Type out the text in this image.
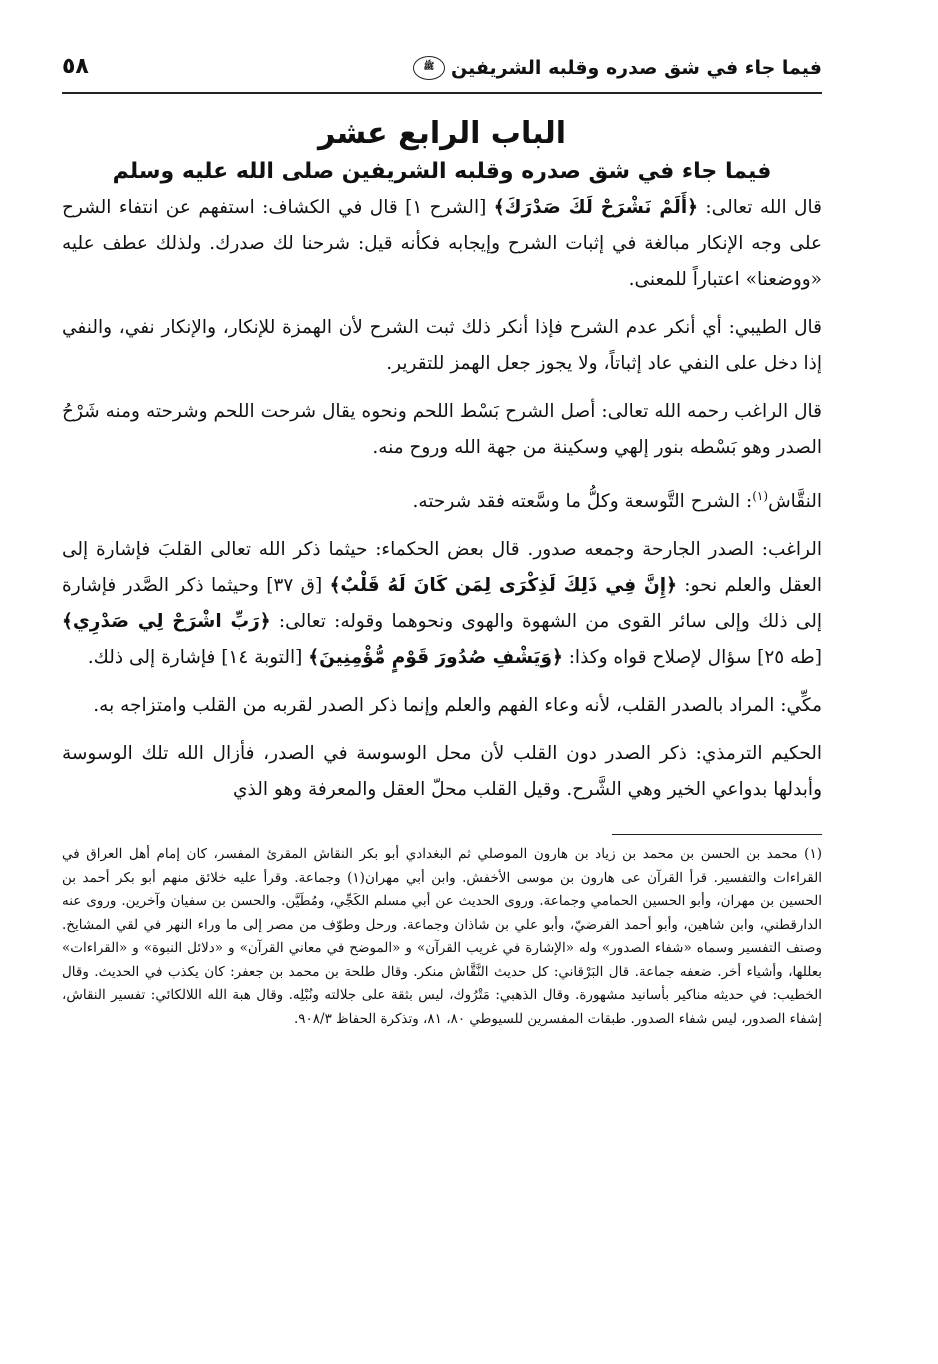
فيما جاء في شق صدره وقلبه الشريفين
ﷺ
٥٨
الباب الرابع عشر
فيما جاء في شق صدره وقلبه الشريفين صلى الله عليه وسلم

قال الله تعالى: ﴿أَلَمْ نَشْرَحْ لَكَ صَدْرَكَ﴾ [الشرح ١] قال في الكشاف: استفهم عن انتفاء الشرح على وجه الإنكار مبالغة في إثبات الشرح وإيجابه فكأنه قيل: شرحنا لك صدرك. ولذلك عطف عليه «ووضعنا» اعتباراً للمعنى.

قال الطيبي: أي أنكر عدم الشرح فإذا أنكر ذلك ثبت الشرح لأن الهمزة للإنكار، والإنكار نفي، والنفي إذا دخل على النفي عاد إثباتاً، ولا يجوز جعل الهمز للتقرير.

قال الراغب رحمه الله تعالى: أصل الشرح بَسْط اللحم ونحوه يقال شرحت اللحم وشرحته ومنه شَرْحُ الصدر وهو بَسْطه بنور إلهي وسكينة من جهة الله وروح منه.

النقَّاش$^{(١)}$: الشرح التَّوسعة وكلُّ ما وسَّعته فقد شرحته.

الراغب: الصدر الجارحة وجمعه صدور. قال بعض الحكماء: حيثما ذكر الله تعالى القلبَ فإشارة إلى العقل والعلم نحو: ﴿إِنَّ فِي ذَلِكَ لَذِكْرَى لِمَن كَانَ لَهُ قَلْبٌ﴾ [ق ٣٧] وحيثما ذكر الصَّدر فإشارة إلى ذلك وإلى سائر القوى من الشهوة والهوى ونحوهما وقوله: تعالى: ﴿رَبِّ اشْرَحْ لِي صَدْرِي﴾ [طه ٢٥] سؤال لإصلاح قواه وكذا: ﴿وَيَشْفِ صُدُورَ قَوْمٍ مُّؤْمِنِينَ﴾ [التوبة ١٤] فإشارة إلى ذلك.

مكِّي: المراد بالصدر القلب، لأنه وعاء الفهم والعلم وإنما ذكر الصدر لقربه من القلب وامتزاجه به.

الحكيم الترمذي: ذكر الصدر دون القلب لأن محل الوسوسة في الصدر، فأزال الله تلك الوسوسة وأبدلها بدواعي الخير وهي الشَّرح. وقيل القلب محلّ العقل والمعرفة وهو الذي

(١) محمد بن الحسن بن محمد بن زياد بن هارون الموصلي ثم البغدادي أبو بكر النقاش المقرئ المفسر، كان إمام أهل العراق في القراءات والتفسير. قرأ القرآن عى هارون بن موسى الأخفش. وابن أبي مهران(١) وجماعة. وقرأ عليه خلائق منهم أبو بكر أحمد بن الحسين بن مهران، وأبو الحسين الحمامي وجماعة. وروى الحديث عن أبي مسلم الكَجِّي، ومُطَيَّن. والحسن بن سفيان وآخرين. وروى عنه الدارقطني، وابن شاهين، وأبو أحمد الفرضيّ، وأبو علي بن شاذان وجماعة. ورحل وطوّف من مصر إلى ما وراء النهر في لقي المشايخ. وصنف التفسير وسماه «شفاء الصدور» وله «الإشارة في غريب القرآن» و «الموضح في معاني القرآن» و «دلائل النبوة» و «القراءات» بعللها، وأشياء أخر. ضعفه جماعة. قال البَرْقاني: كل حديث النَّقَّاش منكر. وقال طلحة بن محمد بن جعفر: كان يكذب في الحديث. وقال الخطيب: في حديثه مناكير بأسانيد مشهورة. وقال الذهبي: مَتْرُوك، ليس بثقة على جلالته ونُبْلِه. وقال هبة الله اللالكائي: تفسير النقاش، إشفاء الصدور، ليس شفاء الصدور. طبقات المفسرين للسيوطي ٨٠، ٨١، وتذكرة الحفاظ ٩٠٨/٣.
